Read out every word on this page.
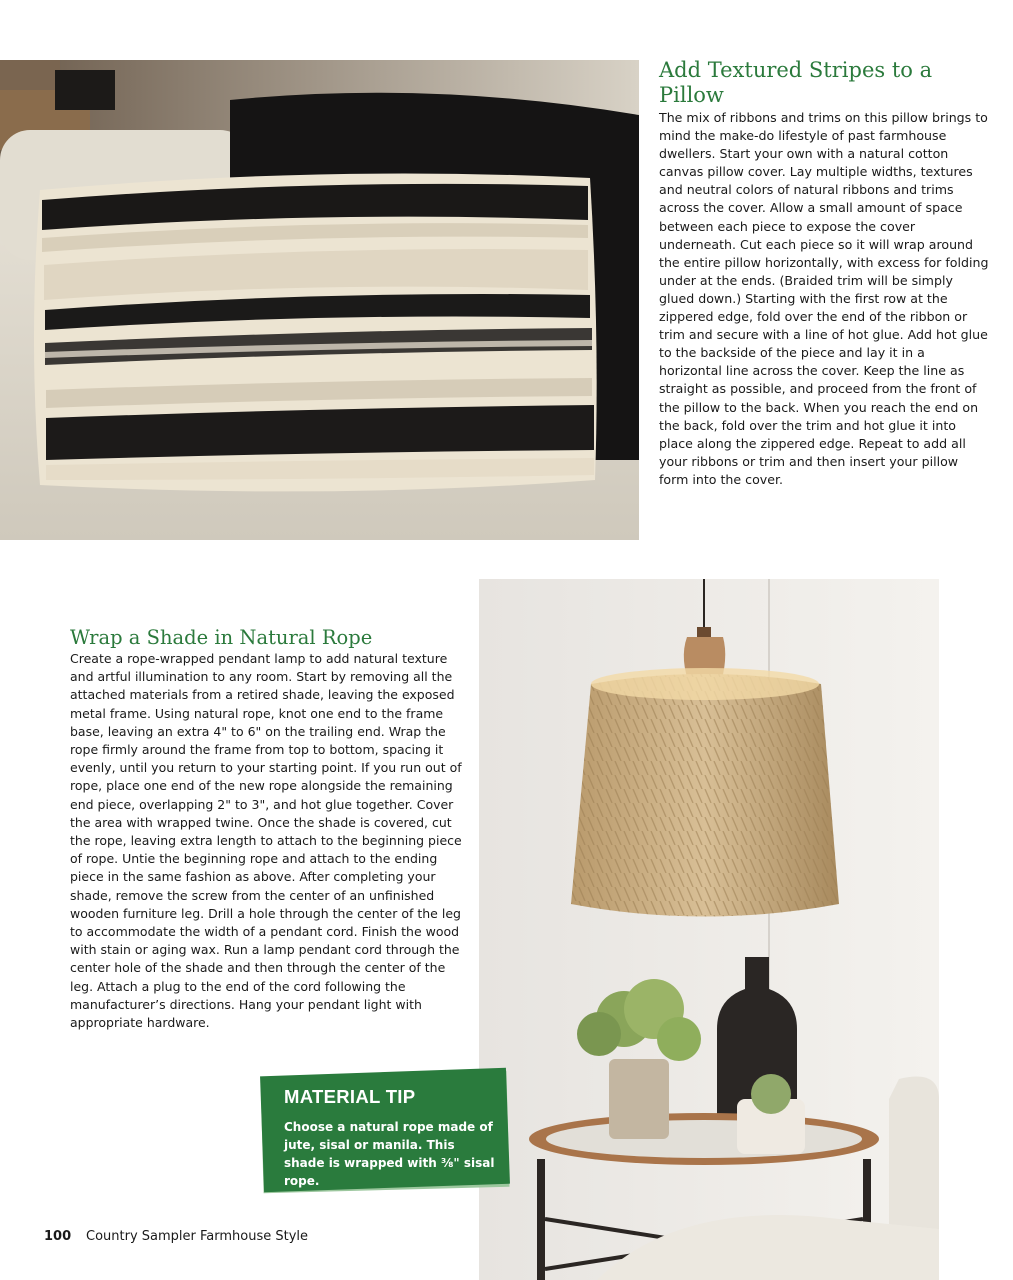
Add Textured Stripes to a Pillow

The mix of ribbons and trims on this pillow brings to mind the make-do lifestyle of past farmhouse dwellers. Start your own with a natural cotton canvas pillow cover. Lay multiple widths, textures and neutral colors of natural ribbons and trims across the cover. Allow a small amount of space between each piece to expose the cover underneath. Cut each piece so it will wrap around the entire pillow horizontally, with excess for folding under at the ends. (Braided trim will be simply glued down.) Starting with the first row at the zippered edge, fold over the end of the ribbon or trim and secure with a line of hot glue. Add hot glue to the backside of the piece and lay it in a horizontal line across the cover. Keep the line as straight as possible, and proceed from the front of the pillow to the back. When you reach the end on the back, fold over the trim and hot glue it into place along the zippered edge. Repeat to add all your ribbons or trim and then insert your pillow form into the cover.

Wrap a Shade in Natural Rope

Create a rope-wrapped pendant lamp to add natural texture and artful illumination to any room. Start by removing all the attached materials from a retired shade, leaving the exposed metal frame. Using natural rope, knot one end to the frame base, leaving an extra 4" to 6" on the trailing end. Wrap the rope firmly around the frame from top to bottom, spacing it evenly, until you return to your starting point. If you run out of rope, place one end of the new rope alongside the remaining end piece, overlapping 2" to 3", and hot glue together. Cover the area with wrapped twine. Once the shade is covered, cut the rope, leaving extra length to attach to the beginning piece of rope. Untie the beginning rope and attach to the ending piece in the same fashion as above. After completing your shade, remove the screw from the center of an unfinished wooden furniture leg. Drill a hole through the center of the leg to accommodate the width of a pendant cord. Finish the wood with stain or aging wax. Run a lamp pendant cord through the center hole of the shade and then through the center of the leg. Attach a plug to the end of the cord following the manufacturer’s directions. Hang your pendant light with appropriate hardware.

MATERIAL TIP

Choose a natural rope made of jute, sisal or manila. This shade is wrapped with ⅜" sisal rope.

100 Country Sampler Farmhouse Style
